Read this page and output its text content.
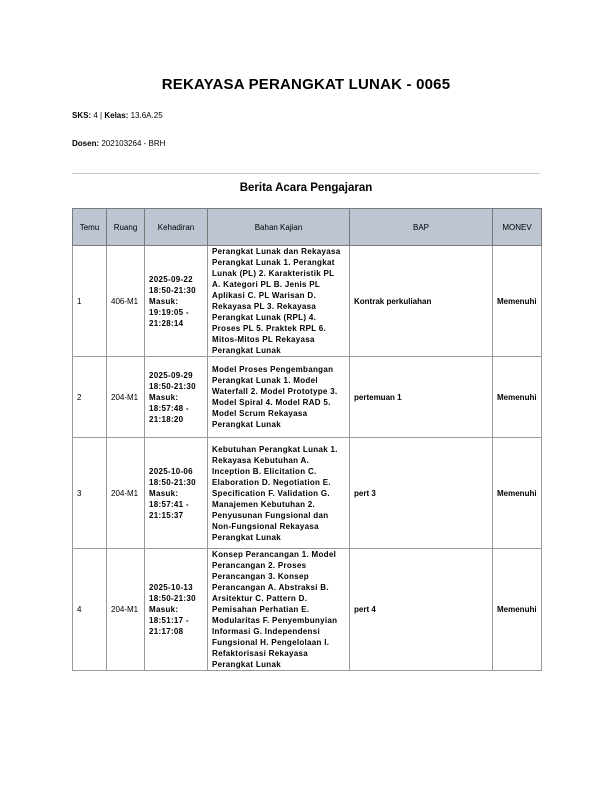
REKAYASA PERANGKAT LUNAK - 0065
SKS: 4 | Kelas: 13.6A.25
Dosen: 202103264 - BRH
Berita Acara Pengajaran
Temu	Ruang	Kehadiran	Bahan Kajian	BAP	MONEV
1	406-M1	2025-09-22 18:50-21:30 Masuk: 19:19:05 - 21:28:14	Perangkat Lunak dan Rekayasa Perangkat Lunak 1. Perangkat Lunak (PL) 2. Karakteristik PL A. Kategori PL B. Jenis PL Aplikasi C. PL Warisan D. Rekayasa PL 3. Rekayasa Perangkat Lunak (RPL) 4. Proses PL 5. Praktek RPL 6. Mitos-Mitos PL Rekayasa Perangkat Lunak	Kontrak perkuliahan	Memenuhi
2	204-M1	2025-09-29 18:50-21:30 Masuk: 18:57:48 - 21:18:20	Model Proses Pengembangan Perangkat Lunak 1. Model Waterfall 2. Model Prototype 3. Model Spiral 4. Model RAD 5. Model Scrum Rekayasa Perangkat Lunak	pertemuan 1	Memenuhi
3	204-M1	2025-10-06 18:50-21:30 Masuk: 18:57:41 - 21:15:37	Kebutuhan Perangkat Lunak 1. Rekayasa Kebutuhan A. Inception B. Elicitation C. Elaboration D. Negotiation E. Specification F. Validation G. Manajemen Kebutuhan 2. Penyusunan Fungsional dan Non-Fungsional Rekayasa Perangkat Lunak	pert 3	Memenuhi
4	204-M1	2025-10-13 18:50-21:30 Masuk: 18:51:17 - 21:17:08	Konsep Perancangan 1. Model Perancangan 2. Proses Perancangan 3. Konsep Perancangan A. Abstraksi B. Arsitektur C. Pattern D. Pemisahan Perhatian E. Modularitas F. Penyembunyian Informasi G. Independensi Fungsional H. Pengelolaan I. Refaktorisasi Rekayasa Perangkat Lunak	pert 4	Memenuhi
